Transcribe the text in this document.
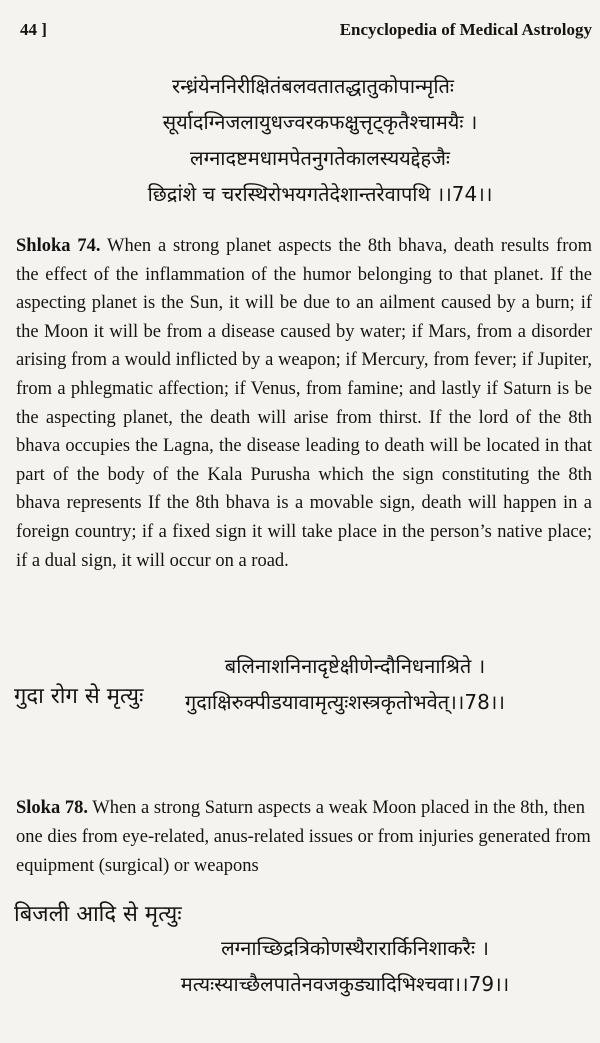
44 ]	Encyclopedia of Medical Astrology
रन्ध्रंयेननिरीक्षितंबलवतातद्धातुकोपान्मृतिः
सूर्यादग्निजलायुधज्वरकफक्षुत्तृट्कृतैश्चामयैः ।
लग्नादष्टमधामपेतनुगतेकालस्ययद्देहजैः
छिद्रांशे च चरस्थिरोभयगतेदेशान्तरेवापथि ।।74।।
Shloka 74. When a strong planet aspects the 8th bhava, death results from the effect of the inflammation of the humor belonging to that planet. If the aspecting planet is the Sun, it will be due to an ailment caused by a burn; if the Moon it will be from a disease caused by water; if Mars, from a disorder arising from a would inflicted by a weapon; if Mercury, from fever; if Jupiter, from a phlegmatic affection; if Venus, from famine; and lastly if Saturn is be the aspecting planet, the death will arise from thirst. If the lord of the 8th bhava occupies the Lagna, the disease leading to death will be located in that part of the body of the Kala Purusha which the sign constituting the 8th bhava represents If the 8th bhava is a movable sign, death will happen in a foreign country; if a fixed sign it will take place in the person’s native place; if a dual sign, it will occur on a road.
गुदा रोग से मृत्युः
बलिनाशनिनादृष्टेक्षीणेन्दौनिधनाश्रिते ।
गुदाक्षिरुक्पीडयावामृत्युःशस्त्रकृतोभवेत्।।78।।
Sloka 78. When a strong Saturn aspects a weak Moon placed in the 8th, then one dies from eye-related, anus-related issues or from injuries generated from equipment (surgical) or weapons
बिजली आदि से मृत्युः
लग्नाच्छिद्रत्रिकोणस्थैरारार्किनिशाकरैः ।
मत्यःस्याच्छैलपातेनवजकुड्यादिभिश्चवा।।79।।
